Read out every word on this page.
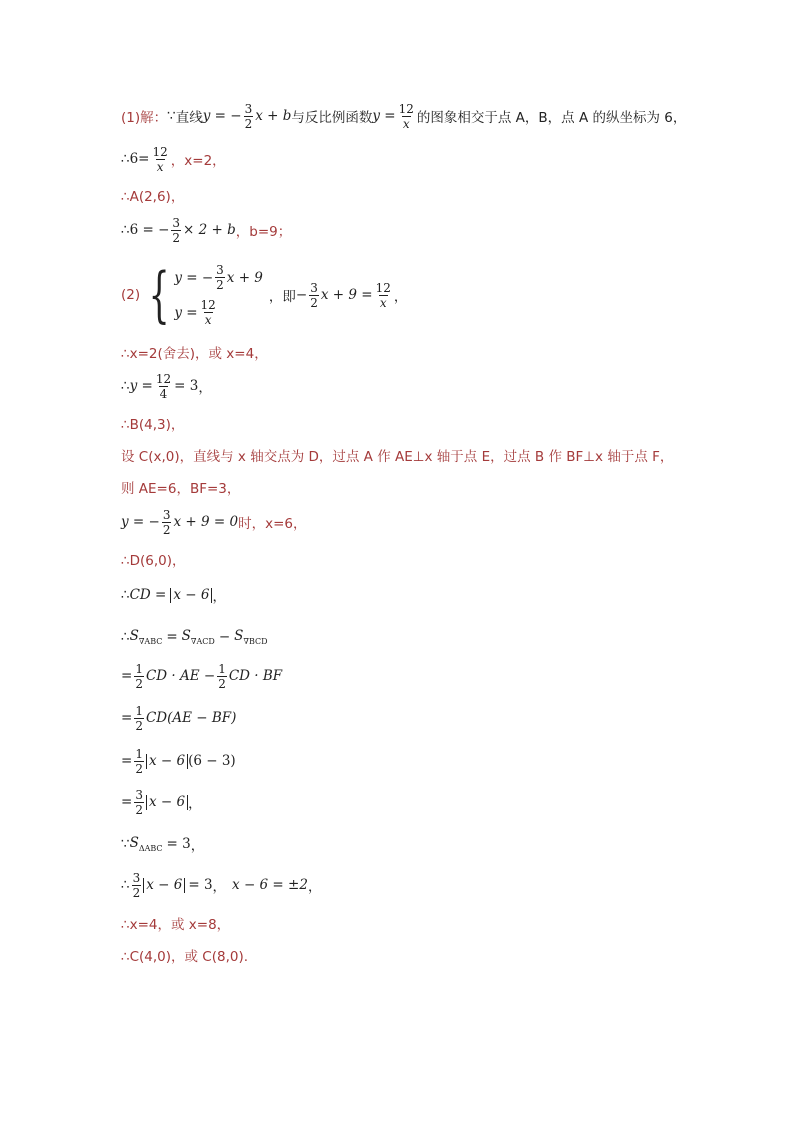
(1)解： ∵ 直线 y = − $\frac{3}{2}$ x + b 与反比例函数 $y = \frac{12}{x}$ 的图象相交于点 A，B，点 A 的纵坐标为 6，
∴ $6= \frac{12}{x}$ ，x=2，
∴A(2,6)，
∴ 6 = − $\frac{3}{2} \times 2 + b$ ，b=9；
(2) { y = − $\frac{3}{2}$ x + 9
$y = \frac{12}{x}$
，即 − $\frac{3}{2}$ $x + 9 = \frac{12}{x}$ ，
∴x=2(舍去)，或 x=4，
∴ $y = \frac{12}{4} = 3$ ，
∴B(4,3)，
设 C(x,0)，直线与 x 轴交点为 D，过点 A 作 AE⊥x 轴于点 E，过点 B 作 BF⊥x 轴于点 F，
则 AE=6，BF=3，
y = − $\frac{3}{2}$ x + 9 = 0 时，x=6，
∴D(6,0)，
∴ CD = x − 6 ，
∴ $S_{\nabla ABC} = S_{\nabla ACD} - S_{\nabla BCD}$
= $\frac{1}{2}$ CD · AE − $\frac{1}{2}$ CD · BF
= $\frac{1}{2} CD(AE - BF)$
= $\frac{1}{2}$ x − 6 (6 − 3)
= $\frac{3}{2}$ x − 6 ，
∵ $S_{\Delta ABC} = 3$ ，
∴ $\frac{3}{2}$ x − 6 = 3 ， x − 6 = ±2 ，
∴x=4，或 x=8，
∴C(4,0)，或 C(8,0).
